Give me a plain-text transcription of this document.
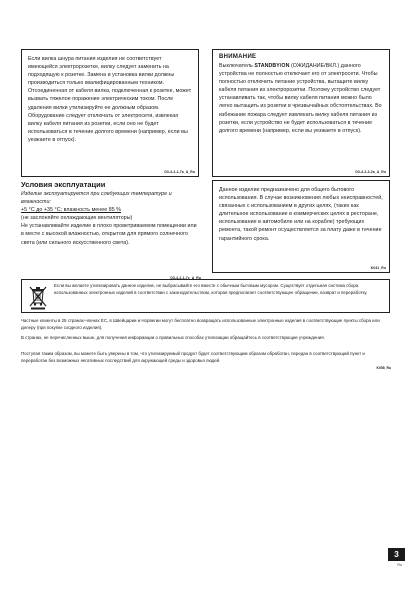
Если вилка шнура питания изделия не соответствует имеющейся электророзетке, вилку следует заменить на подходящую к розетке. Замена и установка вилки должны производиться только квалифицированным техником. Отсоединенная от кабеля вилка, подключенная к розетке, может вызвать тяжелое поражение электрическим током. После удаления вилки утилизируйте ее должным образом. Оборудование следует отключать от электросети, извлекая вилку кабеля питания из розетки, если оно не будет использоваться в течение долгого времени (например, если вы уезжаете в отпуск).
D3-4-2-1-7a_A_Ru
ВНИМАНИЕ
Выключатель STANDBY/ON (ОЖИДАНИЕ/ВКЛ.) данного устройства не полностью отключает его от электросети. Чтобы полностью отключить питание устройства, вытащите вилку кабеля питания из электророзетки. Поэтому устройство следует устанавливать так, чтобы вилку кабеля питания можно было легко вытащить из розетки в чрезвычайных обстоятельствах. Во избежание пожара следует извлекать вилку кабеля питания из розетки, если устройство не будет использоваться в течение долгого времени (например, если вы уезжаете в отпуск).
D3-4-2-2-2a_A_Ru
Условия эксплуатации
Изделие эксплуатируется при следующих температуре и влажности:
+5 °C до +35 °C; влажность менее 85 %
(не заслоняйте охлаждающие вентиляторы)
Не устанавливайте изделие в плохо проветриваемом помещении или в месте с высокой влажностью, открытом для прямого солнечного света (или сильного искусственного света).
D3-4-2-1-7c_A_Ru
Данное изделие предназначено для общего бытового использования. В случае возникновения любых неисправностей, связанных с использованием в других целях, (таких как длительное использование в коммерческих целях в ресторане, использование в автомобиле или на корабле) требующих ремонта, такой ремонт осуществляется за плату даже в течение гарантийного срока.
K041_Ru
Если вы желаете утилизировать данное изделие, не выбрасывайте его вместе с обычным бытовым мусором. Существует отдельная система сбора использованных электронных изделий в соответствии с законодательством, которая предполагает соответствующее обращение, возврат и переработку.
Частные клиенты в 25 странах-членах ЕС, в Швейцарии и Норвегии могут бесплатно возвращать использованные электронные изделия в соответствующие пункты сбора или дилеру (при покупке сходного изделия).
В странах, не перечисленных выше, для получения информации о правильных способах утилизации обращайтесь в соответствующие учреждения.
Поступая таким образом, вы можете быть уверены в том, что утилизируемый продукт будет соответствующим образом обработан, передан в соответствующий пункт и переработан без возможных негативных последствий для окружающей среды и здоровья людей.
K058_Ru
3
Ru
